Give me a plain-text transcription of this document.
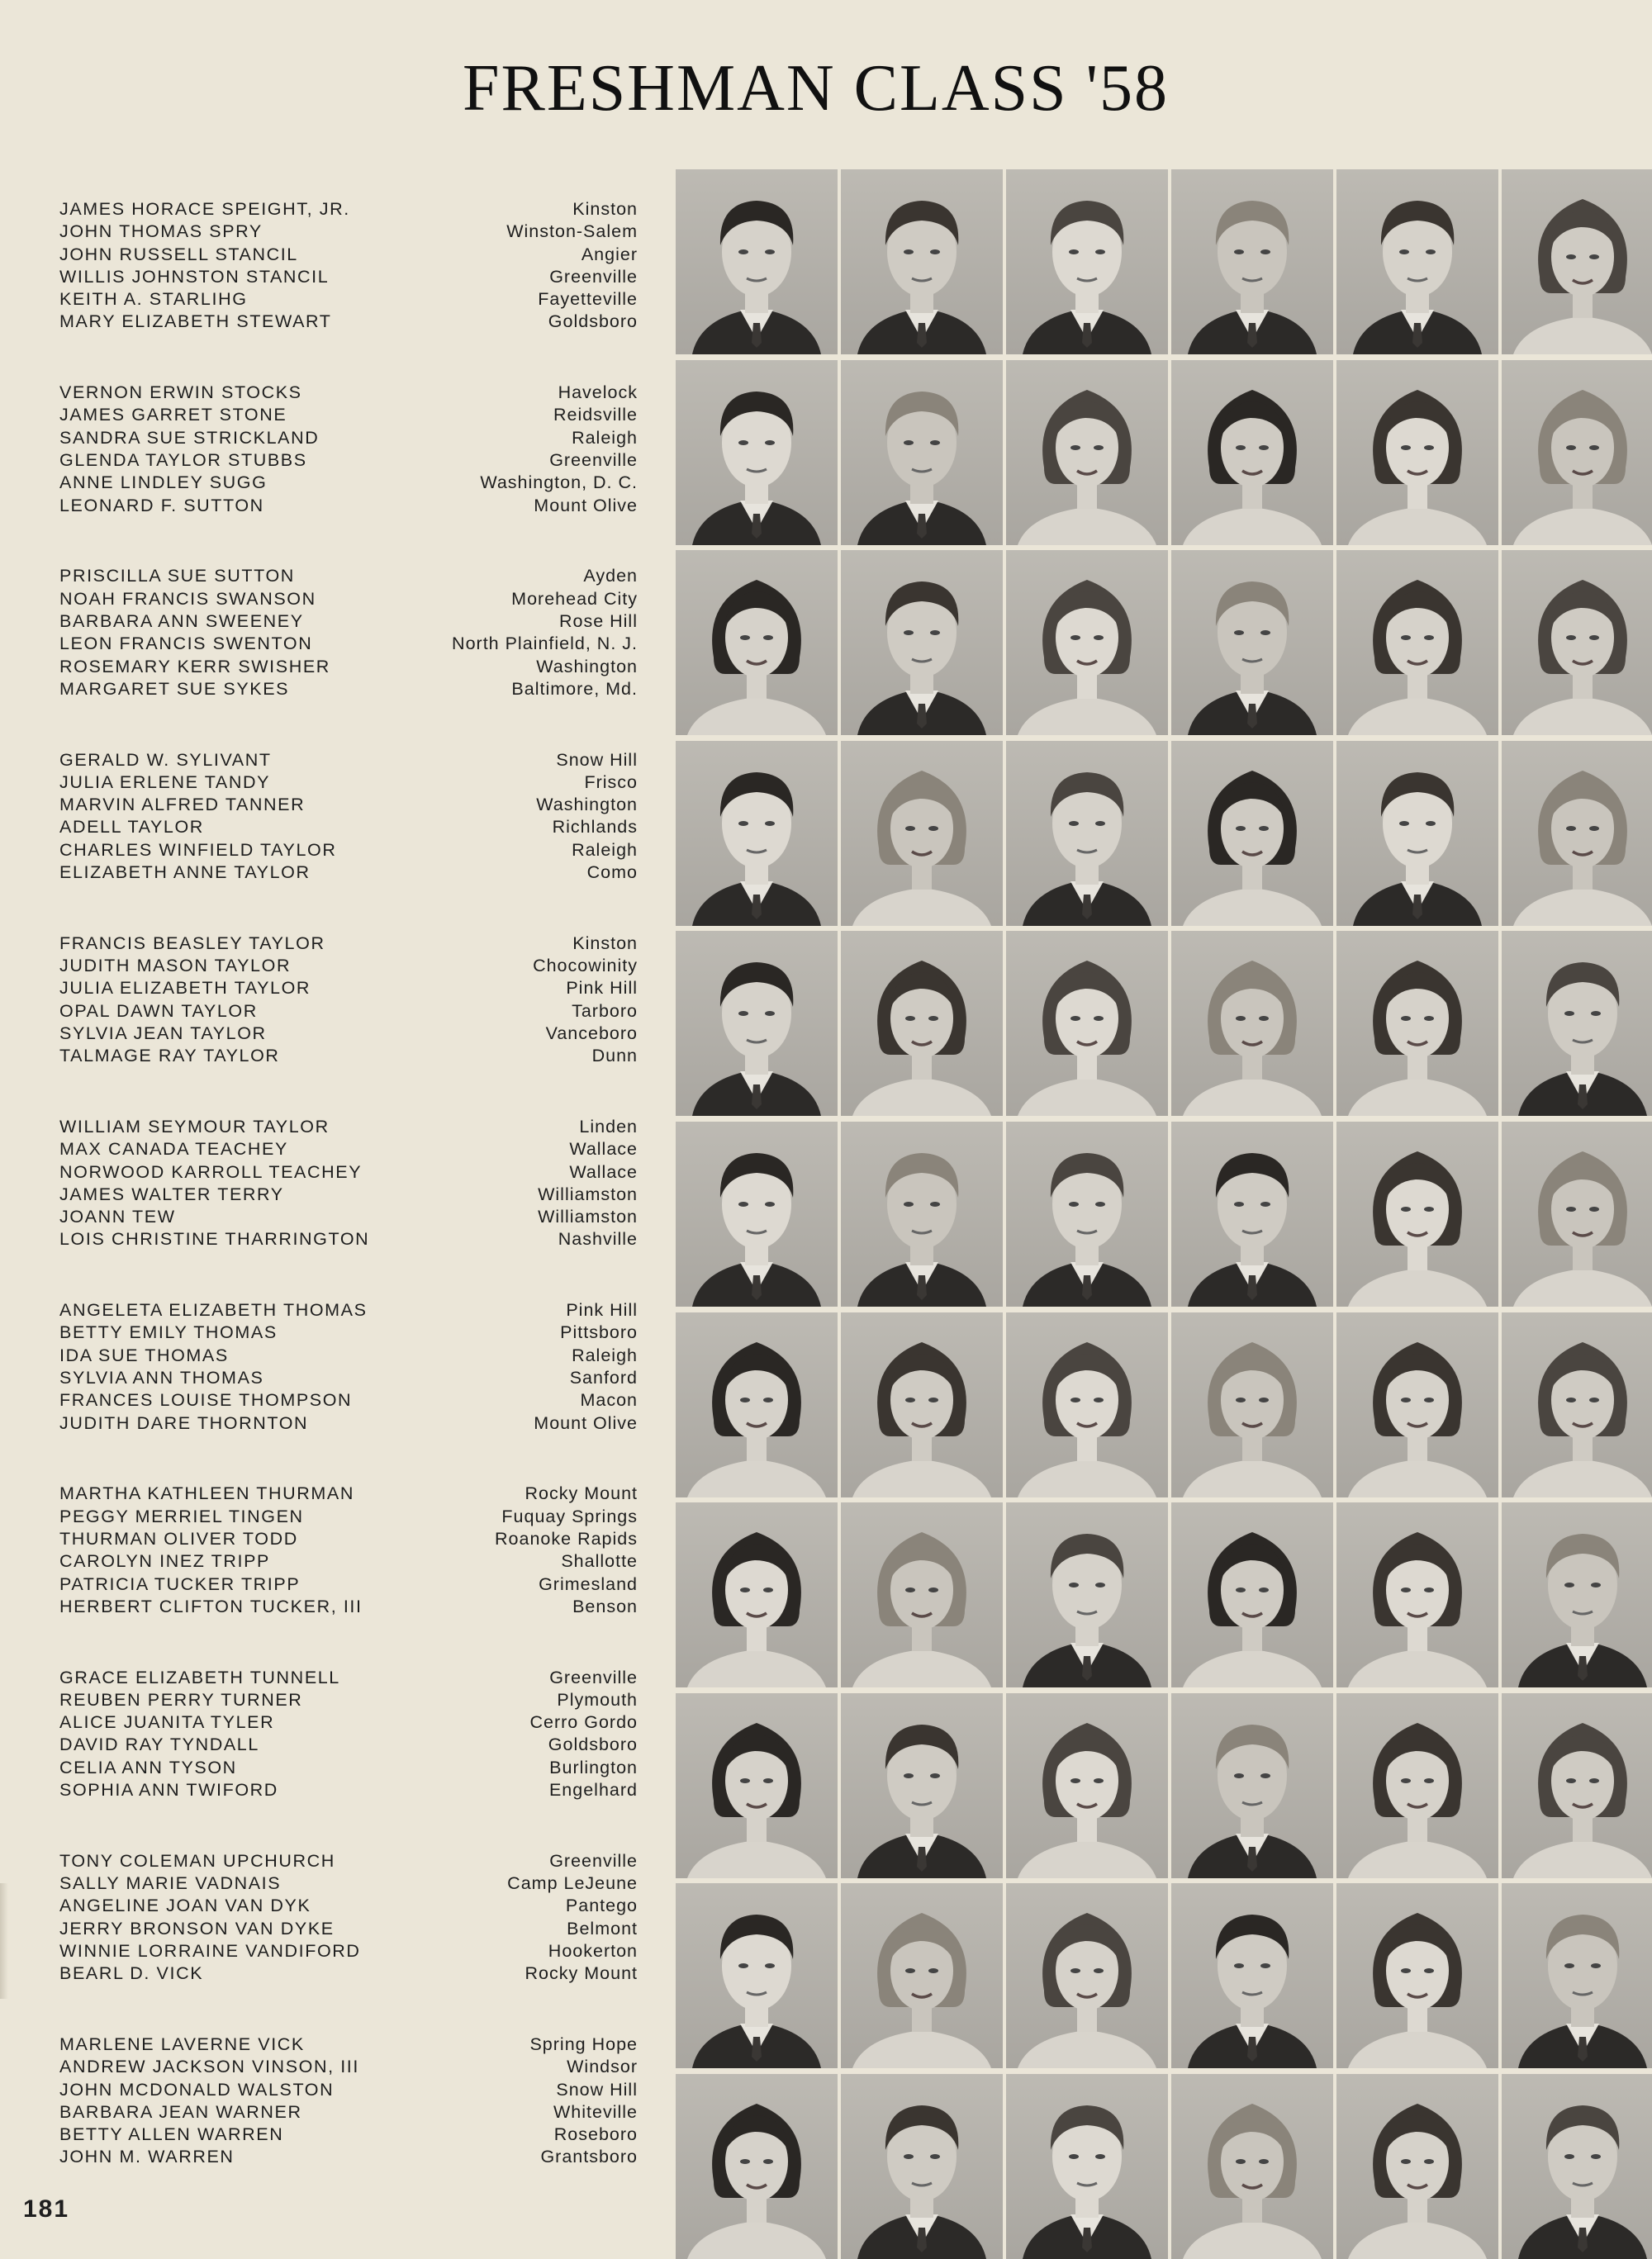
FRESHMAN CLASS '58
JAMES HORACE SPEIGHT, JR.	Kinston
JOHN THOMAS SPRY	Winston-Salem
JOHN RUSSELL STANCIL	Angier
WILLIS JOHNSTON STANCIL	Greenville
KEITH A. STARLIHG	Fayetteville
MARY ELIZABETH STEWART	Goldsboro
VERNON ERWIN STOCKS	Havelock
JAMES GARRET STONE	Reidsville
SANDRA SUE STRICKLAND	Raleigh
GLENDA TAYLOR STUBBS	Greenville
ANNE LINDLEY SUGG	Washington, D. C.
LEONARD F. SUTTON	Mount Olive
PRISCILLA SUE SUTTON	Ayden
NOAH FRANCIS SWANSON	Morehead City
BARBARA ANN SWEENEY	Rose Hill
LEON FRANCIS SWENTON	North Plainfield, N. J.
ROSEMARY KERR SWISHER	Washington
MARGARET SUE SYKES	Baltimore, Md.
GERALD W. SYLIVANT	Snow Hill
JULIA ERLENE TANDY	Frisco
MARVIN ALFRED TANNER	Washington
ADELL TAYLOR	Richlands
CHARLES WINFIELD TAYLOR	Raleigh
ELIZABETH ANNE TAYLOR	Como
FRANCIS BEASLEY TAYLOR	Kinston
JUDITH MASON TAYLOR	Chocowinity
JULIA ELIZABETH TAYLOR	Pink Hill
OPAL DAWN TAYLOR	Tarboro
SYLVIA JEAN TAYLOR	Vanceboro
TALMAGE RAY TAYLOR	Dunn
WILLIAM SEYMOUR TAYLOR	Linden
MAX CANADA TEACHEY	Wallace
NORWOOD KARROLL TEACHEY	Wallace
JAMES WALTER TERRY	Williamston
JOANN TEW	Williamston
LOIS CHRISTINE THARRINGTON	Nashville
ANGELETA ELIZABETH THOMAS	Pink Hill
BETTY EMILY THOMAS	Pittsboro
IDA SUE THOMAS	Raleigh
SYLVIA ANN THOMAS	Sanford
FRANCES LOUISE THOMPSON	Macon
JUDITH DARE THORNTON	Mount Olive
MARTHA KATHLEEN THURMAN	Rocky Mount
PEGGY MERRIEL TINGEN	Fuquay Springs
THURMAN OLIVER TODD	Roanoke Rapids
CAROLYN INEZ TRIPP	Shallotte
PATRICIA TUCKER TRIPP	Grimesland
HERBERT CLIFTON TUCKER, III	Benson
GRACE ELIZABETH TUNNELL	Greenville
REUBEN PERRY TURNER	Plymouth
ALICE JUANITA TYLER	Cerro Gordo
DAVID RAY TYNDALL	Goldsboro
CELIA ANN TYSON	Burlington
SOPHIA ANN TWIFORD	Engelhard
TONY COLEMAN UPCHURCH	Greenville
SALLY MARIE VADNAIS	Camp LeJeune
ANGELINE JOAN VAN DYK	Pantego
JERRY BRONSON VAN DYKE	Belmont
WINNIE LORRAINE VANDIFORD	Hookerton
BEARL D. VICK	Rocky Mount
MARLENE LAVERNE VICK	Spring Hope
ANDREW JACKSON VINSON, III	Windsor
JOHN MCDONALD WALSTON	Snow Hill
BARBARA JEAN WARNER	Whiteville
BETTY ALLEN WARREN	Roseboro
JOHN M. WARREN	Grantsboro
181
